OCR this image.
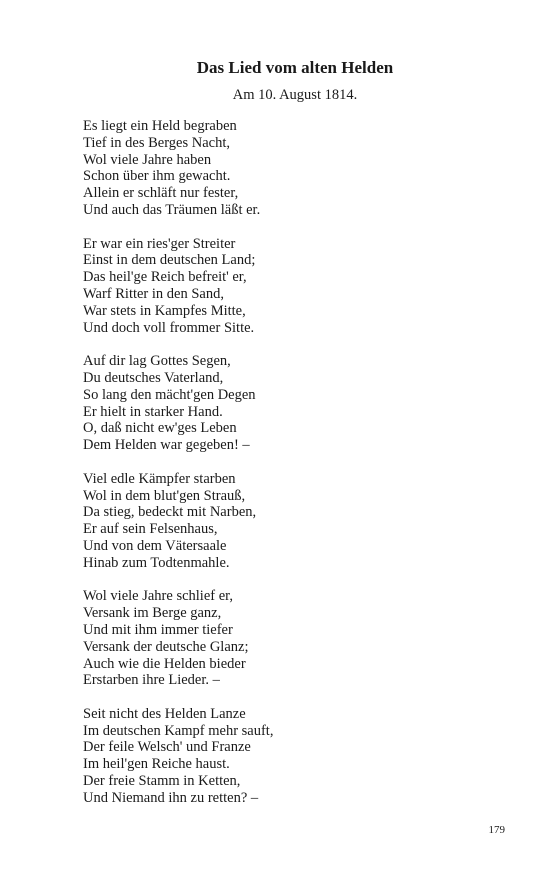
Das Lied vom alten Helden
Am 10. August 1814.
Es liegt ein Held begraben
Tief in des Berges Nacht,
Wol viele Jahre haben
Schon über ihm gewacht.
Allein er schläft nur fester,
Und auch das Träumen läßt er.
Er war ein ries'ger Streiter
Einst in dem deutschen Land;
Das heil'ge Reich befreit' er,
Warf Ritter in den Sand,
War stets in Kampfes Mitte,
Und doch voll frommer Sitte.
Auf dir lag Gottes Segen,
Du deutsches Vaterland,
So lang den mächt'gen Degen
Er hielt in starker Hand.
O, daß nicht ew'ges Leben
Dem Helden war gegeben! –
Viel edle Kämpfer starben
Wol in dem blut'gen Strauß,
Da stieg, bedeckt mit Narben,
Er auf sein Felsenhaus,
Und von dem Vätersaale
Hinab zum Todtenmahle.
Wol viele Jahre schlief er,
Versank im Berge ganz,
Und mit ihm immer tiefer
Versank der deutsche Glanz;
Auch wie die Helden bieder
Erstarben ihre Lieder. –
Seit nicht des Helden Lanze
Im deutschen Kampf mehr sauft,
Der feile Welsch' und Franze
Im heil'gen Reiche haust.
Der freie Stamm in Ketten,
Und Niemand ihn zu retten? –
179
